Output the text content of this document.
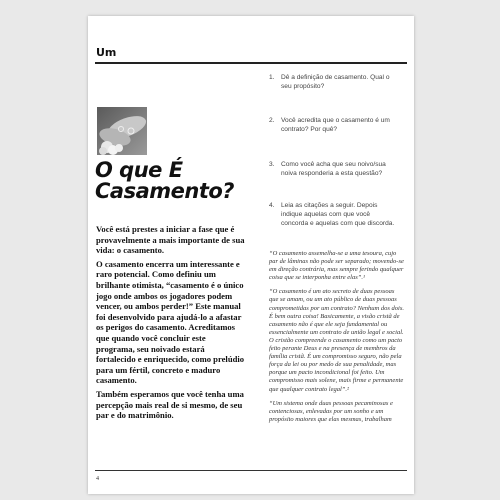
Um
O que É
Casamento?

Você está prestes a iniciar a fase que é provavelmente a mais importante de sua vida: o casamento.

O casamento encerra um interessante e raro potencial. Como definiu um brilhante otimista, “casamento é o único jogo onde ambos os jogadores podem vencer, ou ambos perder!” Este manual foi desenvolvido para ajudá-lo a afastar os perigos do casamento. Acreditamos que quando você concluir este programa, seu noivado estará fortalecido e enriquecido, como prelúdio para um fértil, concreto e maduro casamento.

Também esperamos que você tenha uma percepção mais real de si mesmo, de seu par e do matrimônio.

1. Dê a definição de casamento. Qual o seu propósito?
2. Você acredita que o casamento é um contrato? Por quê?
3. Como você acha que seu noivo/sua noiva responderia a esta questão?
4. Leia as citações a seguir. Depois indique aquelas com que você concorda e aquelas com que discorda.

“O casamento assemelha-se a uma tesoura, cujo par de lâminas não pode ser separado; movendo-se em direção contrária, mas sempre ferindo qualquer coisa que se interponha entre elas”.¹

“O casamento é um ato secreto de duas pessoas que se amam, ou um ato público de duas pessoas comprometidas por um contrato? Nenhum dos dois. É bem outra coisa! Basicamente, a visão cristã de casamento não é que ele seja fundamental ou essencialmente um contrato de união legal e social. O cristão compreende o casamento como um pacto feito perante Deus e na presença de membros da família cristã. É um compromisso seguro, não pela força da lei ou por medo de sua penalidade, mas porque um pacto incondicional foi feito. Um compromisso mais solene, mais firme e permanente que qualquer contrato legal”.²

“Um sistema onde duas pessoas pecaminosas e contenciosas, enlevadas por um sonho e um propósito maiores que elas mesmas, trabalham

4
